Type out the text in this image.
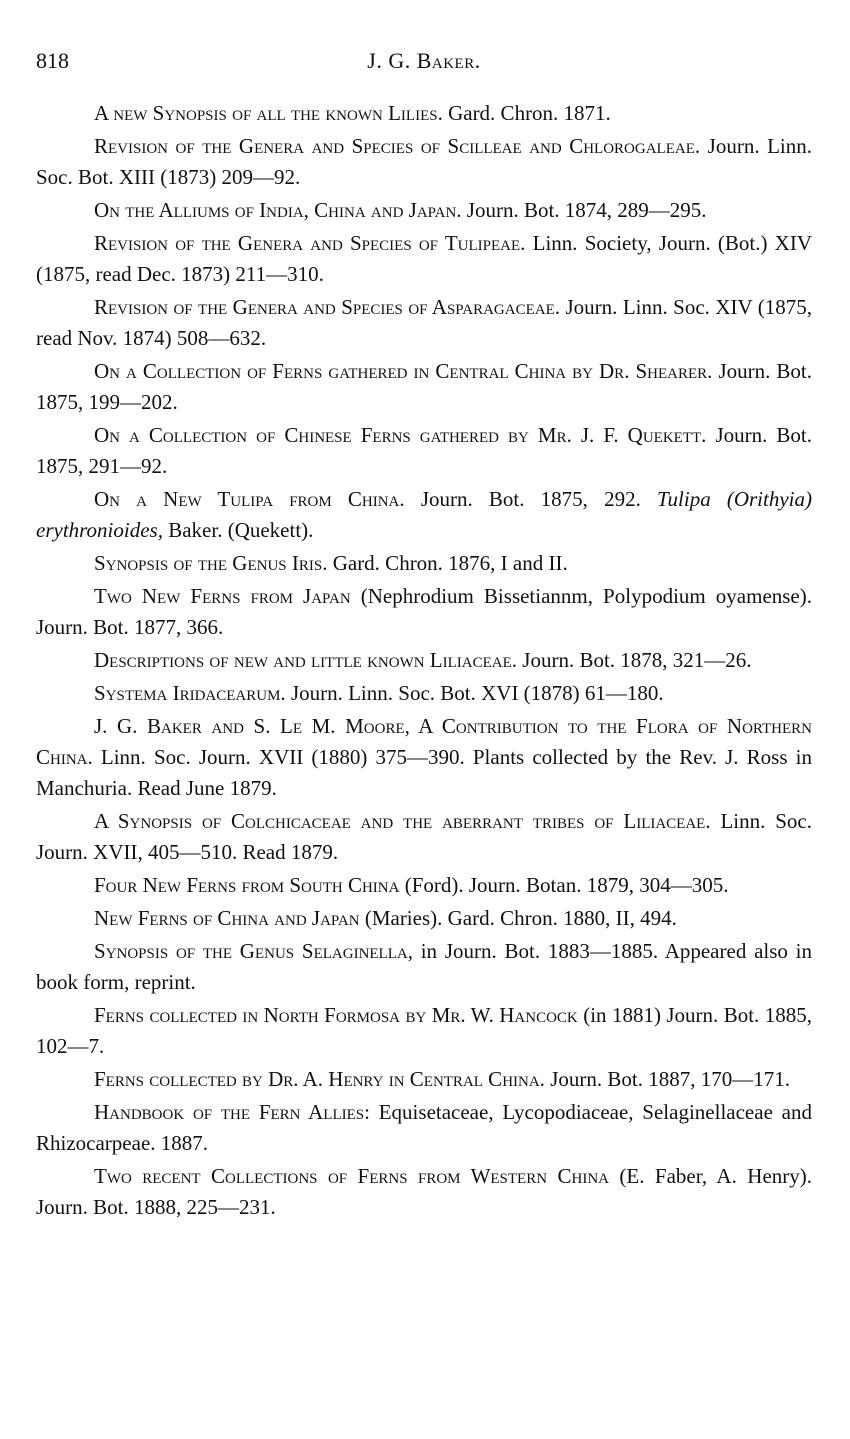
818	J. G. Baker.

A new Synopsis of all the known Lilies. Gard. Chron. 1871.

Revision of the Genera and Species of Scilleae and Chlorogaleae. Journ. Linn. Soc. Bot. XIII (1873) 209—92.

On the Alliums of India, China and Japan. Journ. Bot. 1874, 289—295.

Revision of the Genera and Species of Tulipeae. Linn. Society, Journ. (Bot.) XIV (1875, read Dec. 1873) 211—310.

Revision of the Genera and Species of Asparagaceae. Journ. Linn. Soc. XIV (1875, read Nov. 1874) 508—632.

On a Collection of Ferns gathered in Central China by Dr. Shearer. Journ. Bot. 1875, 199—202.

On a Collection of Chinese Ferns gathered by Mr. J. F. Quekett. Journ. Bot. 1875, 291—92.

On a New Tulipa from China. Journ. Bot. 1875, 292. Tulipa (Orithyia) erythronioides, Baker. (Quekett).

Synopsis of the Genus Iris. Gard. Chron. 1876, I and II.

Two New Ferns from Japan (Nephrodium Bissetiannm, Polypodium oyamense). Journ. Bot. 1877, 366.

Descriptions of new and little known Liliaceae. Journ. Bot. 1878, 321—26.

Systema Iridacearum. Journ. Linn. Soc. Bot. XVI (1878) 61—180.

J. G. Baker and S. Le M. Moore, A Contribution to the Flora of Northern China. Linn. Soc. Journ. XVII (1880) 375—390. Plants collected by the Rev. J. Ross in Manchuria. Read June 1879.

A Synopsis of Colchicaceae and the aberrant tribes of Liliaceae. Linn. Soc. Journ. XVII, 405—510. Read 1879.

Four New Ferns from South China (Ford). Journ. Botan. 1879, 304—305.

New Ferns of China and Japan (Maries). Gard. Chron. 1880, II, 494.

Synopsis of the Genus Selaginella, in Journ. Bot. 1883—1885. Appeared also in book form, reprint.

Ferns collected in North Formosa by Mr. W. Hancock (in 1881) Journ. Bot. 1885, 102—7.

Ferns collected by Dr. A. Henry in Central China. Journ. Bot. 1887, 170—171.

Handbook of the Fern Allies: Equisetaceae, Lycopodiaceae, Selaginellaceae and Rhizocarpeae. 1887.

Two recent Collections of Ferns from Western China (E. Faber, A. Henry). Journ. Bot. 1888, 225—231.
